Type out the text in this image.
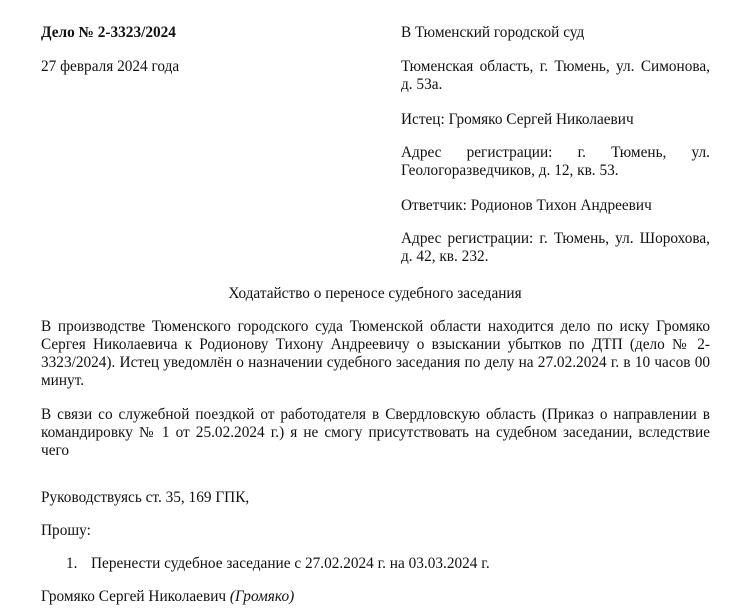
Дело № 2-3323/2024
27 февраля 2024 года

В Тюменский городской суд

Тюменская область, г. Тюмень, ул. Симонова, д. 53а.

Истец: Громяко Сергей Николаевич

Адрес регистрации: г. Тюмень, ул. Геологоразведчиков, д. 12, кв. 53.

Ответчик: Родионов Тихон Андреевич

Адрес регистрации: г. Тюмень, ул. Шорохова, д. 42, кв. 232.

Ходатайство о переносе судебного заседания

В производстве Тюменского городского суда Тюменской области находится дело по иску Громяко Сергея Николаевича к Родионову Тихону Андреевичу о взыскании убытков по ДТП (дело № 2-3323/2024). Истец уведомлён о назначении судебного заседания по делу на 27.02.2024 г. в 10 часов 00 минут.

В связи со служебной поездкой от работодателя в Свердловскую область (Приказ о направлении в командировку № 1 от 25.02.2024 г.) я не смогу присутствовать на судебном заседании, вследствие чего

Руководствуясь ст. 35, 169 ГПК,

Прошу:

1. Перенести судебное заседание с 27.02.2024 г. на 03.03.2024 г.
Громяко Сергей Николаевич (Громяко)
